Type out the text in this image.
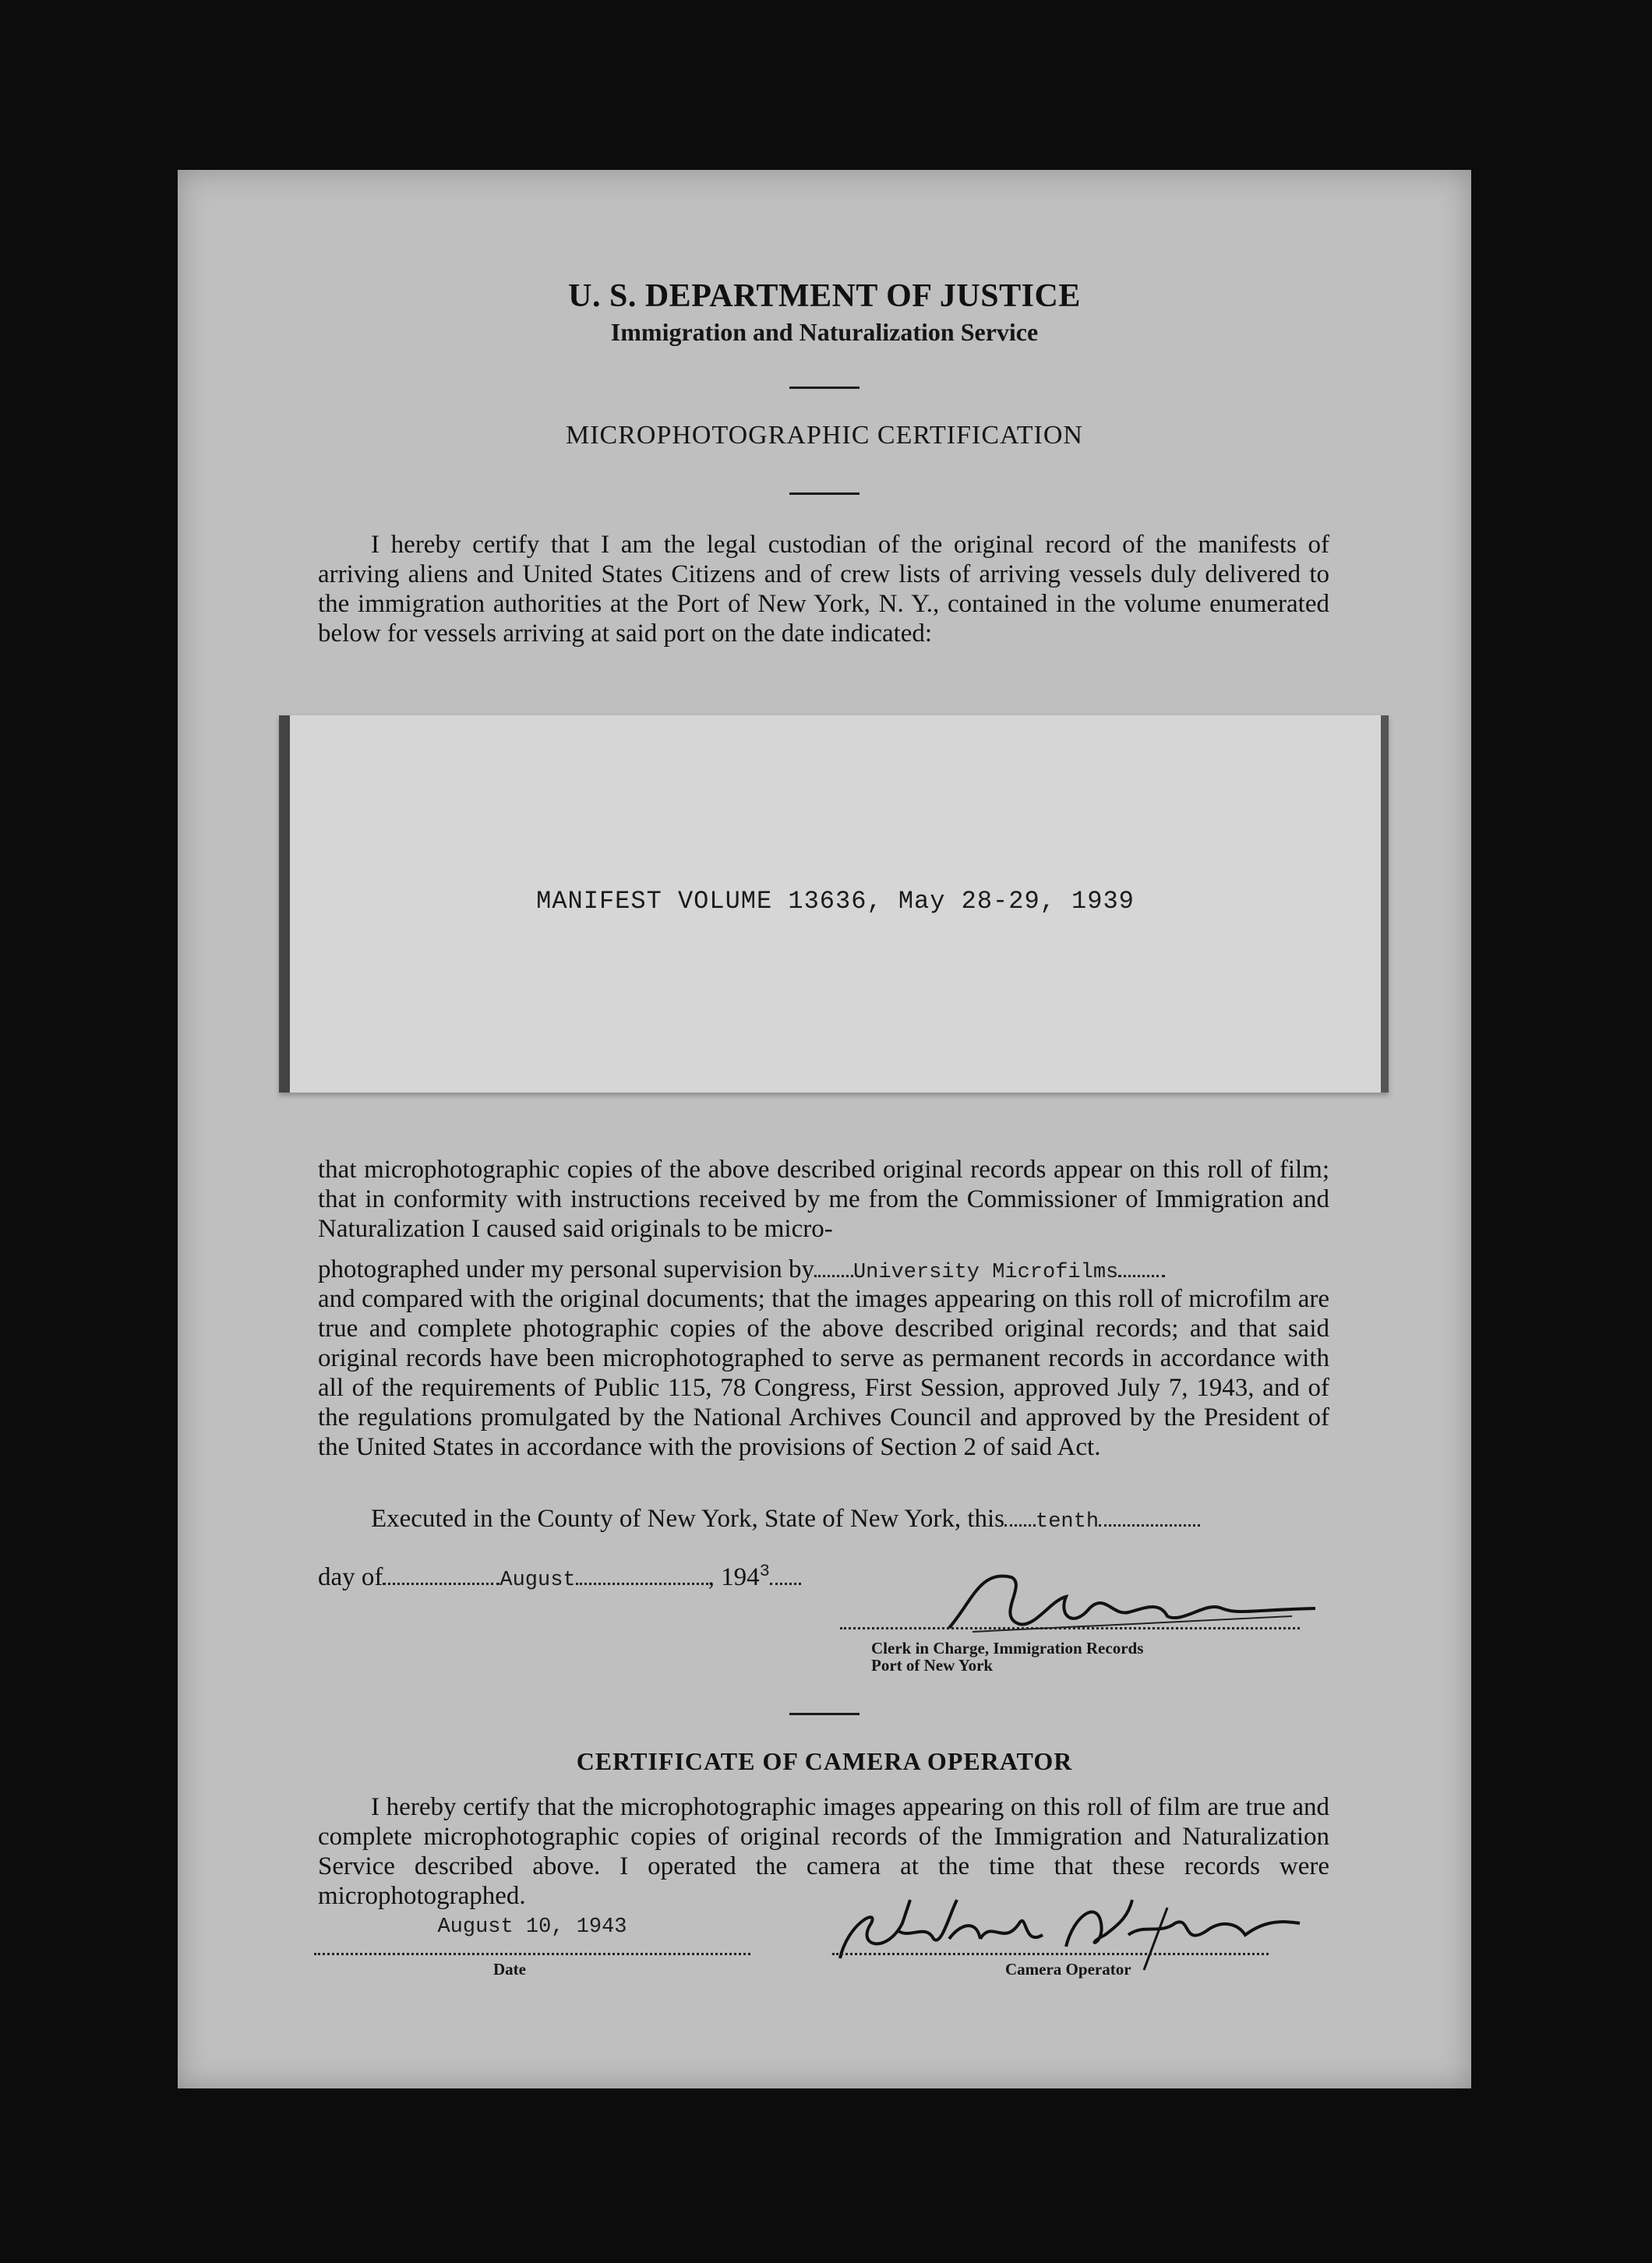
U. S. DEPARTMENT OF JUSTICE
Immigration and Naturalization Service
MICROPHOTOGRAPHIC CERTIFICATION
I hereby certify that I am the legal custodian of the original record of the manifests of arriving aliens and United States Citizens and of crew lists of arriving vessels duly delivered to the immigration authorities at the Port of New York, N. Y., contained in the volume enumerated below for vessels arriving at said port on the date indicated:
MANIFEST VOLUME 13636, May 28-29, 1939
that microphotographic copies of the above described original records appear on this roll of film; that in conformity with instructions received by me from the Commissioner of Immigration and Naturalization I caused said originals to be micro-
photographed under my personal supervision by University Microfilms
and compared with the original documents; that the images appearing on this roll of microfilm are true and complete photographic copies of the above described original records; and that said original records have been microphotographed to serve as permanent records in accordance with all of the requirements of Public 115, 78 Congress, First Session, approved July 7, 1943, and of the regulations promulgated by the National Archives Council and approved by the President of the United States in accordance with the provisions of Section 2 of said Act.
Executed in the County of New York, State of New York, this tenth
day of	August	, $194^3$
Clerk in Charge, Immigration Records
Port of New York
CERTIFICATE OF CAMERA OPERATOR
I hereby certify that the microphotographic images appearing on this roll of film are true and complete microphotographic copies of original records of the Immigration and Naturalization Service described above. I operated the camera at the time that these records were microphotographed.
August 10, 1943
Date	Camera Operator
